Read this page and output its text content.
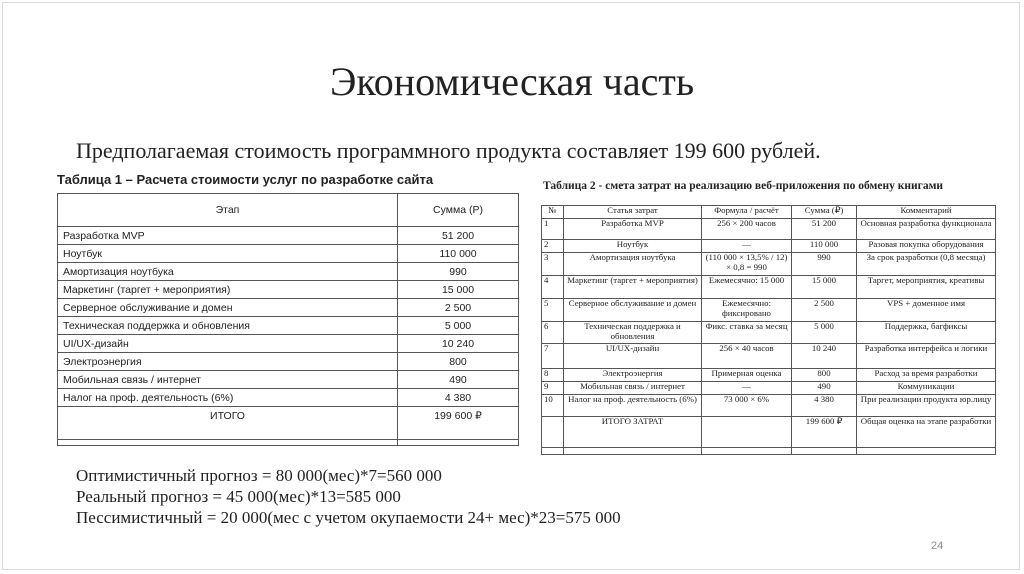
Экономическая часть
Предполагаемая стоимость программного продукта составляет 199 600 рублей.
Таблица 1 – Расчета стоимости услуг по разработке сайта
Этап	Сумма (Р)
Разработка MVP	51 200
Ноутбук	110 000
Амортизация ноутбука	990
Маркетинг (таргет + мероприятия)	15 000
Серверное обслуживание и домен	2 500
Техническая поддержка и обновления	5 000
UI/UX-дизайн	10 240
Электроэнергия	800
Мобильная связь / интернет	490
Налог на проф. деятельность (6%)	4 380
ИТОГО	199 600 ₽

Таблица 2 - смета затрат на реализацию веб-приложения по обмену книгами
№	Статья затрат	Формула / расчёт	Сумма (₽)	Комментарий
1	Разработка MVP	256 × 200 часов	51 200	Основная разработка функционала
2	Ноутбук	—	110 000	Разовая покупка оборудования
3	Амортизация ноутбука	(110 000 × 13,5% / 12) × 0,8 = 990	990	За срок разработки (0,8 месяца)
4	Маркетинг (таргет + мероприятия)	Ежемесячно: 15 000	15 000	Таргет, мероприятия, креативы
5	Серверное обслуживание и домен	Ежемесячно: фиксировано	2 500	VPS + доменное имя
6	Техническая поддержка и обновления	Фикс. ставка за месяц	5 000	Поддержка, багфиксы
7	UI/UX-дизайн	256 × 40 часов	10 240	Разработка интерфейса и логики
8	Электроэнергия	Примерная оценка	800	Расход за время разработки
9	Мобильная связь / интернет	—	490	Коммуникации
10	Налог на проф. деятельность (6%)	73 000 × 6%	4 380	При реализации продукта юр.лицу
	ИТОГО ЗАТРАТ		199 600 ₽	Общая оценка на этапе разработки

Оптимистичный прогноз = 80 000(мес)*7=560 000
Реальный прогноз = 45 000(мес)*13=585 000
Пессимистичный = 20 000(мес с учетом окупаемости 24+ мес)*23=575 000
24
